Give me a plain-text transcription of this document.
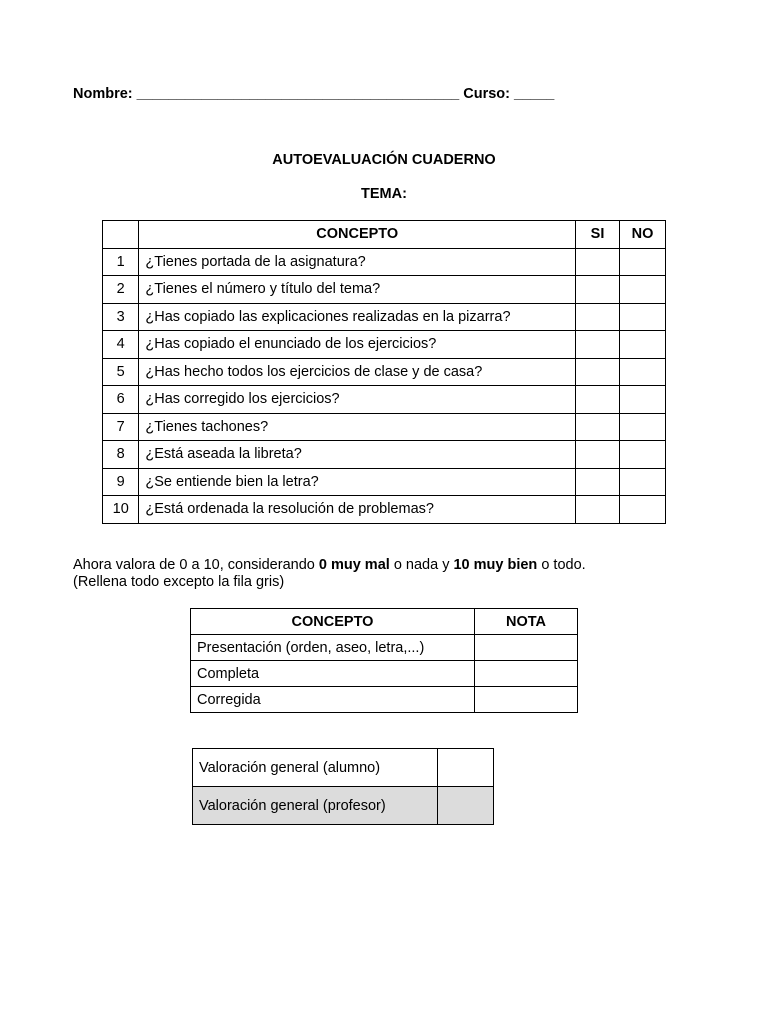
Nombre: ________________________________________ Curso: _____
AUTOEVALUACIÓN CUADERNO
TEMA:
	CONCEPTO	SI	NO
1	¿Tienes portada de la asignatura?		
2	¿Tienes el número y título del tema?		
3	¿Has copiado las explicaciones realizadas en la pizarra?		
4	¿Has copiado el enunciado de los ejercicios?		
5	¿Has hecho todos los ejercicios de clase y de casa?		
6	¿Has corregido los ejercicios?		
7	¿Tienes tachones?		
8	¿Está aseada la libreta?		
9	¿Se entiende bien la letra?		
10	¿Está ordenada la resolución de problemas?		
Ahora valora de 0 a 10, considerando 0 muy mal o nada y 10 muy bien o todo.
(Rellena todo excepto la fila gris)
CONCEPTO	NOTA
Presentación (orden, aseo, letra,...)	
Completa	
Corregida	
Valoración general (alumno)	
Valoración general (profesor)	
